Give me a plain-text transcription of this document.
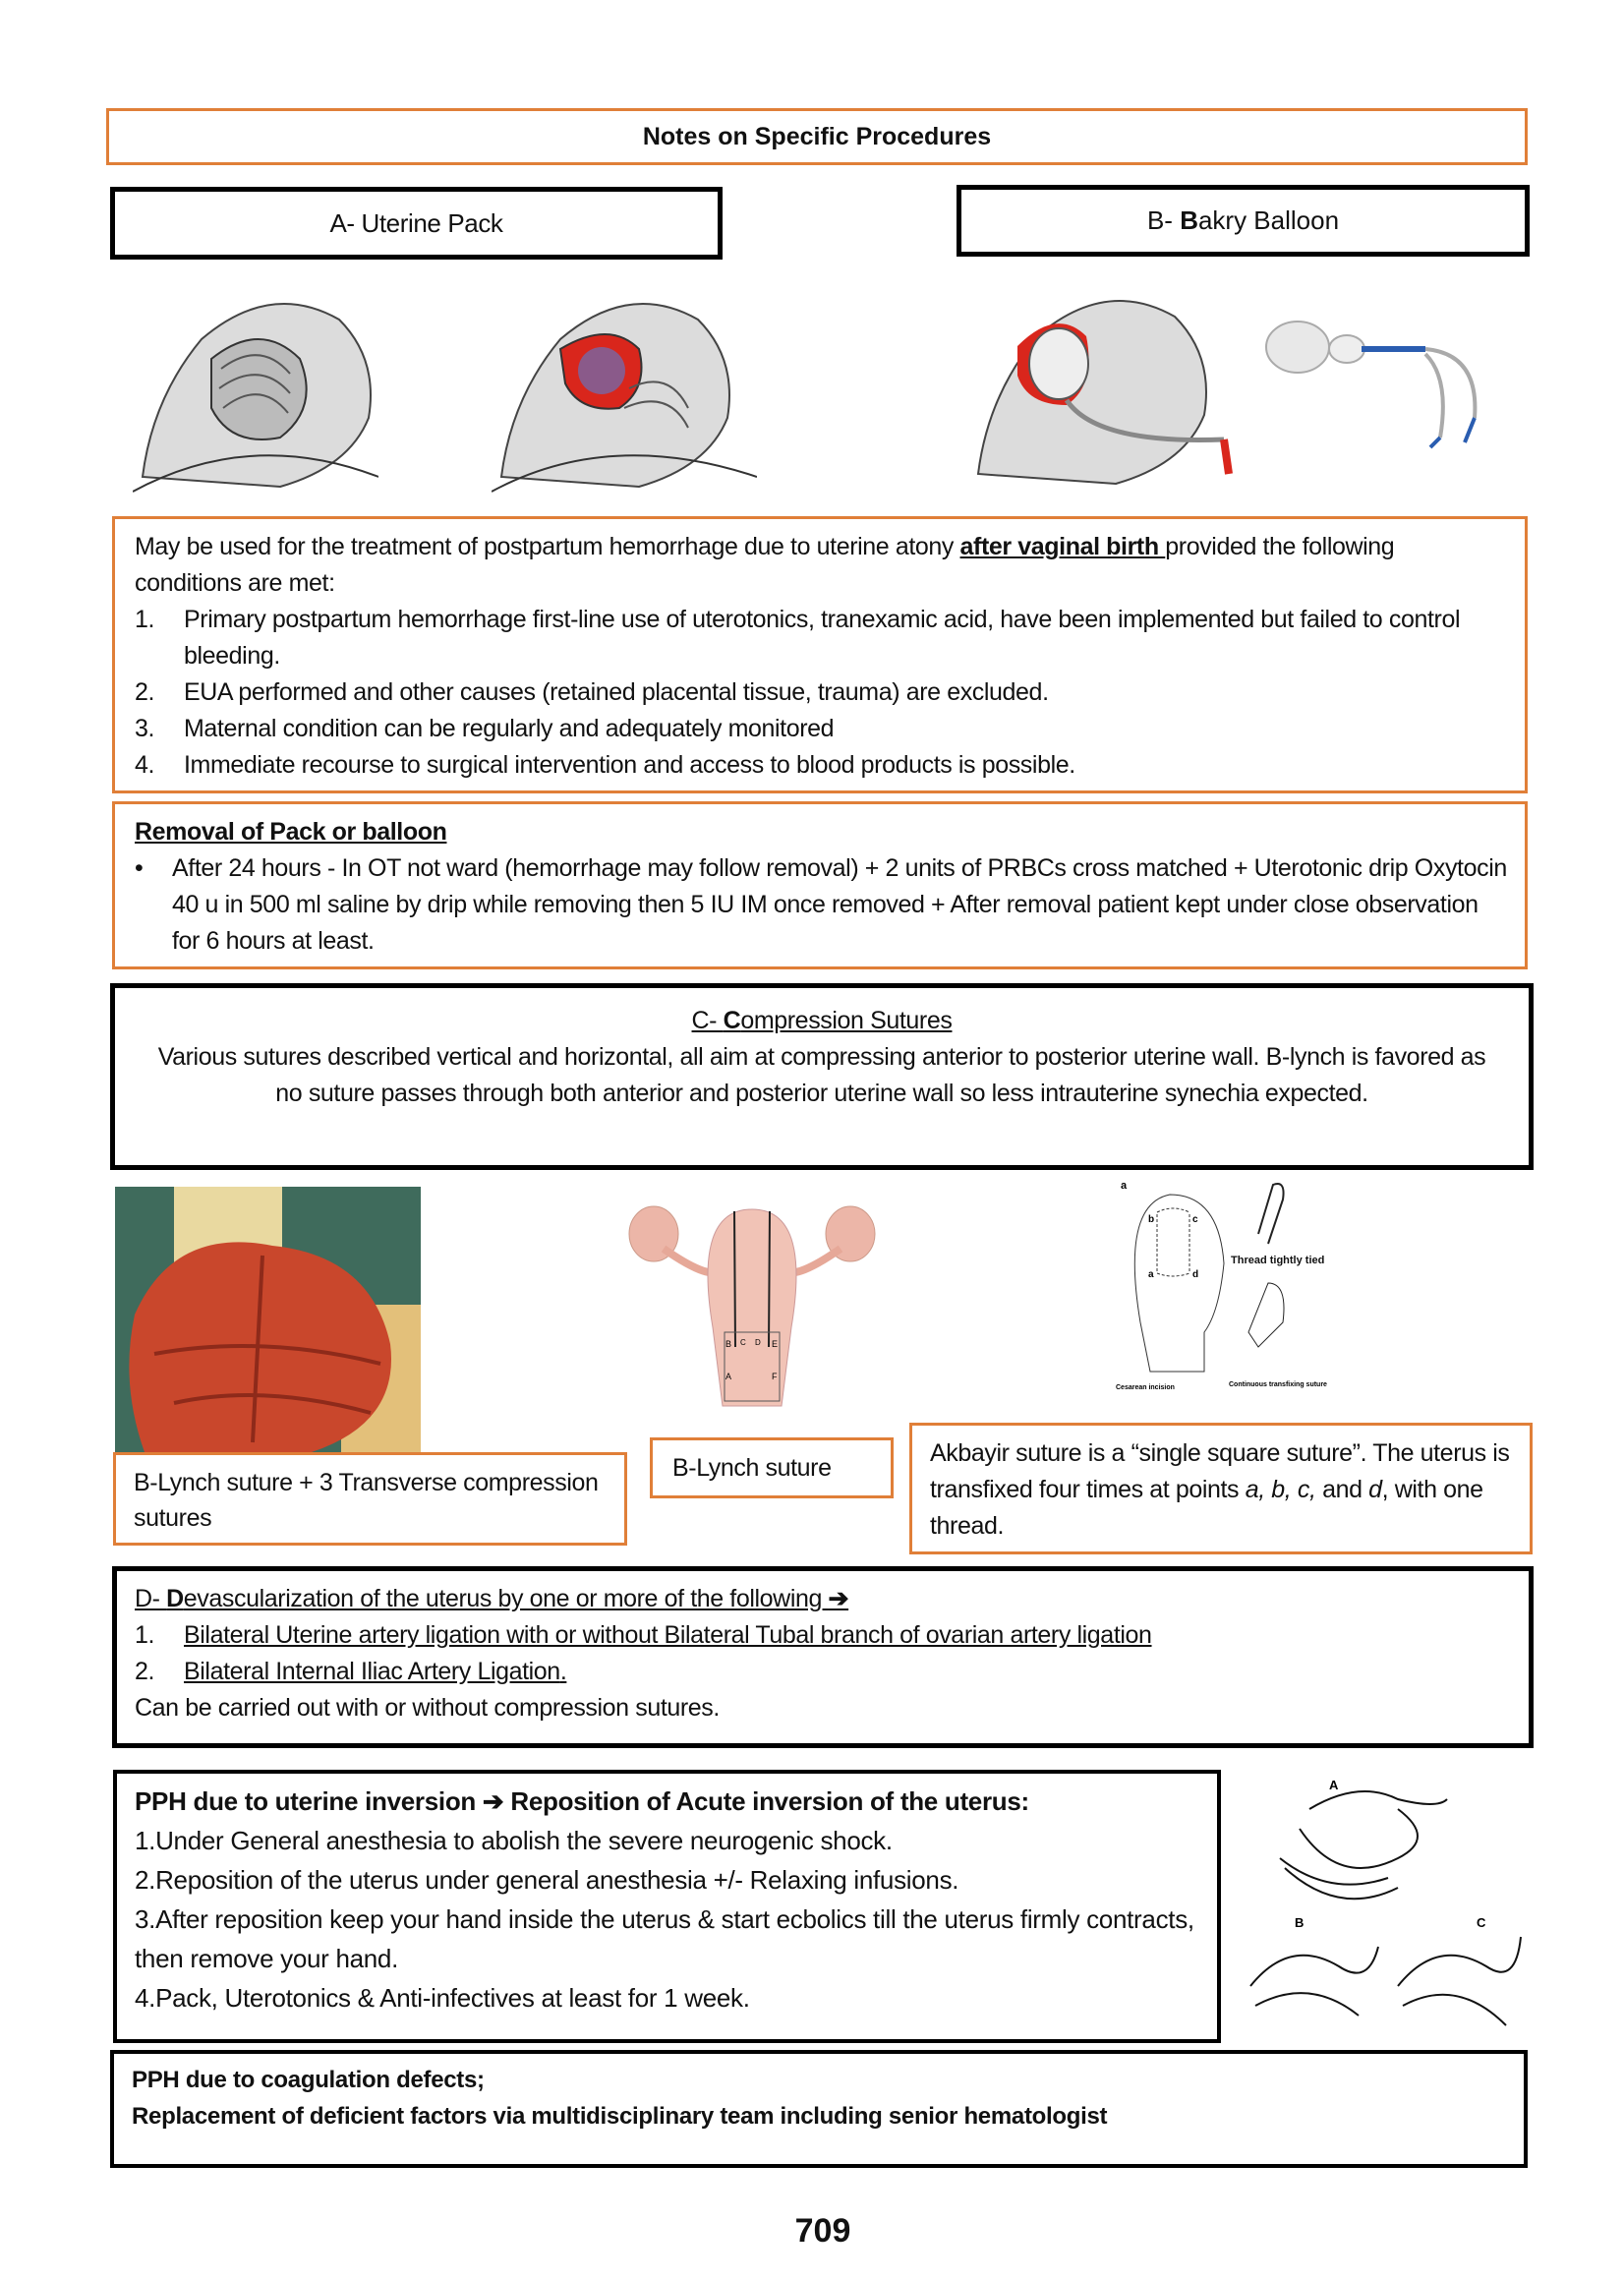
Notes on Specific Procedures
A- Uterine Pack	B- Bakry Balloon
May be used for the treatment of postpartum hemorrhage due to uterine atony after vaginal birth provided the following conditions are met:
1.	Primary postpartum hemorrhage first-line use of uterotonics, tranexamic acid, have been implemented but failed to control bleeding.
2.	EUA performed and other causes (retained placental tissue, trauma) are excluded.
3.	Maternal condition can be regularly and adequately monitored
4.	Immediate recourse to surgical intervention and access to blood products is possible.
Removal of Pack or balloon
•	After 24 hours - In OT not ward (hemorrhage may follow removal) + 2 units of PRBCs cross matched + Uterotonic drip Oxytocin 40 u in 500 ml saline by drip while removing then 5 IU IM once removed + After removal patient kept under close observation for 6 hours at least.
C- Compression Sutures
Various sutures described vertical and horizontal, all aim at compressing anterior to posterior uterine wall. B-lynch is favored as no suture passes through both anterior and posterior uterine wall so less intrauterine synechia expected.
B C D E
A	F
a
b	c
a	d
Thread tightly tied
Cesarean incision	Continuous transfixing suture
B-Lynch suture + 3 Transverse compression sutures
B-Lynch suture
Akbayir suture is a “single square suture”. The uterus is transfixed four times at points a, b, c, and d, with one thread.
D- Devascularization of the uterus by one or more of the following ➔
1.	Bilateral Uterine artery ligation with or without Bilateral Tubal branch of ovarian artery ligation
2.	Bilateral Internal Iliac Artery Ligation.
Can be carried out with or without compression sutures.
PPH due to uterine inversion ➔ Reposition of Acute inversion of the uterus:
1.Under General anesthesia to abolish the severe neurogenic shock.
2.Reposition of the uterus under general anesthesia +/- Relaxing infusions.
3.After reposition keep your hand inside the uterus & start ecbolics till the uterus firmly contracts, then remove your hand.
4.Pack, Uterotonics & Anti-infectives at least for 1 week.
A
B	C
PPH due to coagulation defects;
Replacement of deficient factors via multidisciplinary team including senior hematologist
709
